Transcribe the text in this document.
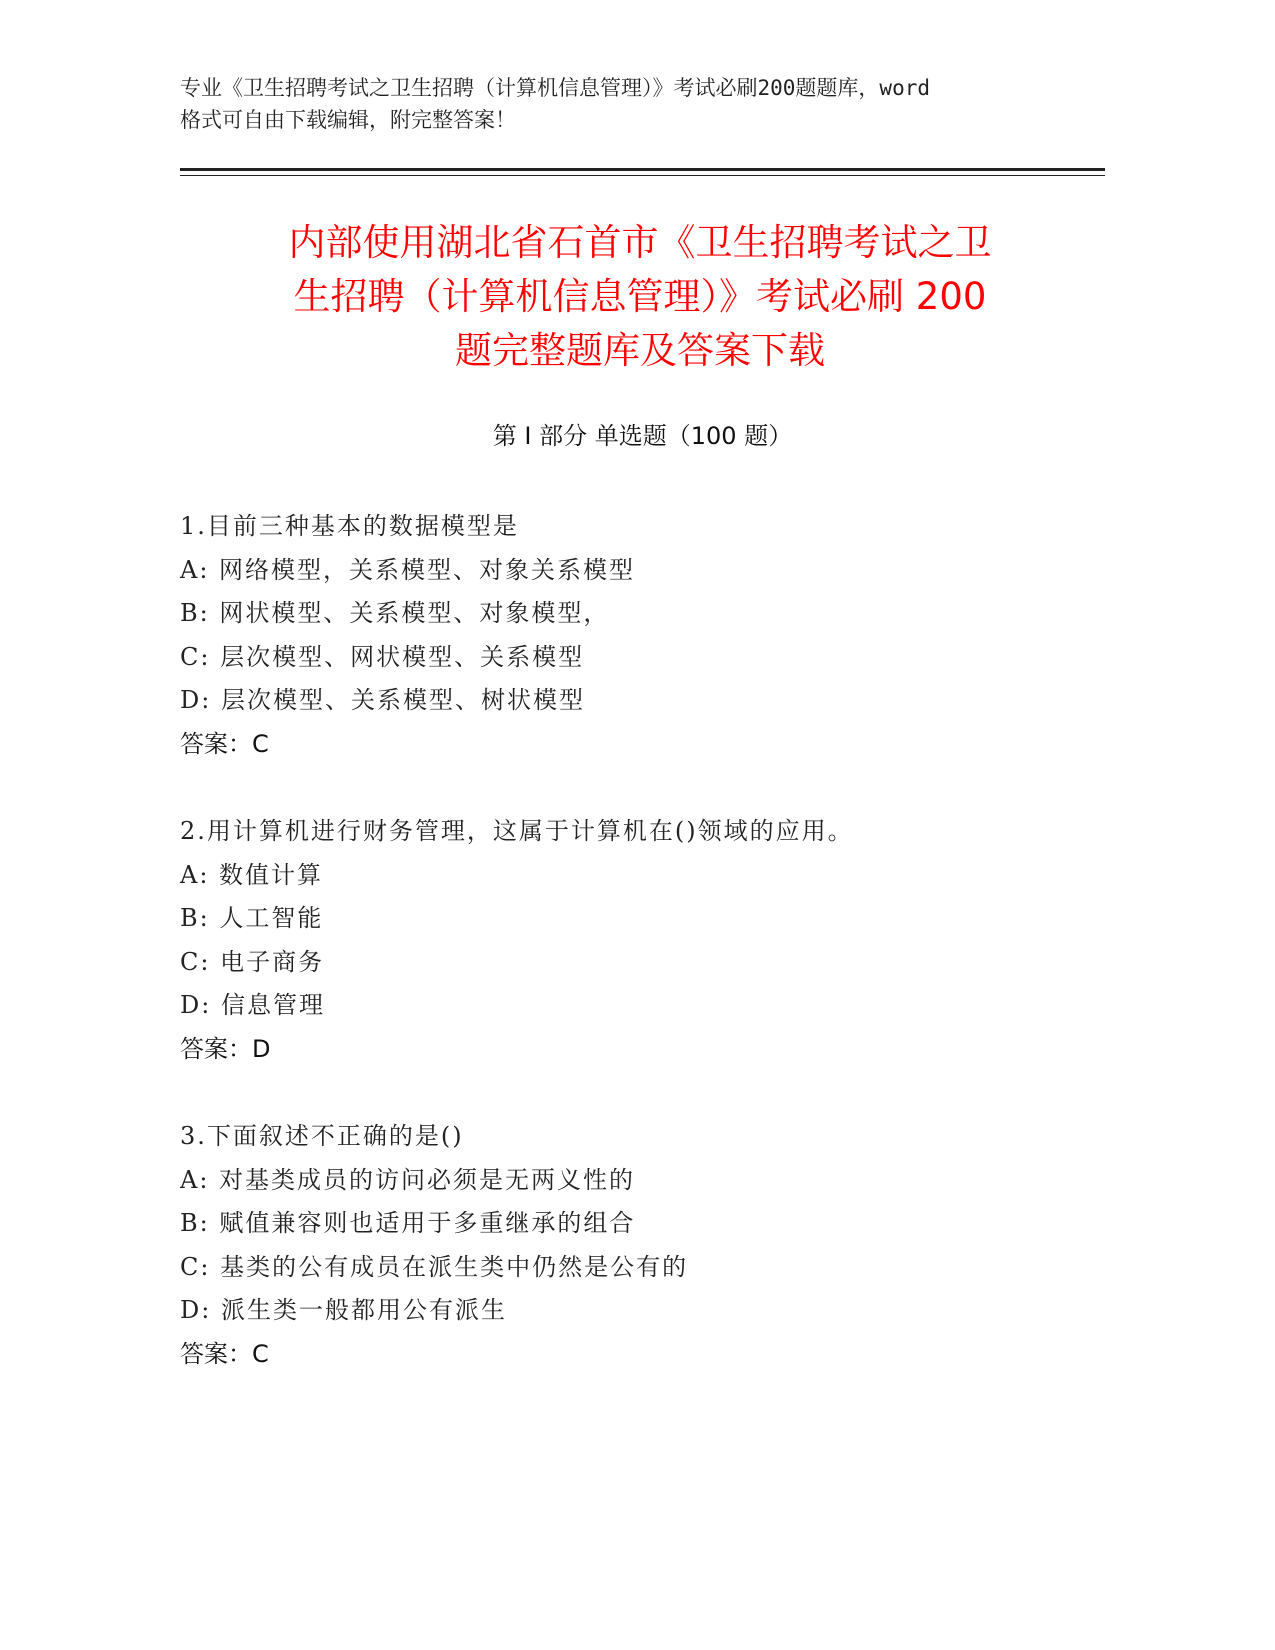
专业《卫生招聘考试之卫生招聘（计算机信息管理）》考试必刷200题题库，word
格式可自由下载编辑，附完整答案！
内部使用湖北省石首市《卫生招聘考试之卫
生招聘（计算机信息管理）》考试必刷 200
题完整题库及答案下载
第 I 部分 单选题（100 题）
1.目前三种基本的数据模型是
A: 网络模型，关系模型、对象关系模型
B: 网状模型、关系模型、对象模型，
C: 层次模型、网状模型、关系模型
D: 层次模型、关系模型、树状模型
答案：C
2.用计算机进行财务管理，这属于计算机在()领域的应用。
A: 数值计算
B: 人工智能
C: 电子商务
D: 信息管理
答案：D
3.下面叙述不正确的是()
A: 对基类成员的访问必须是无两义性的
B: 赋值兼容则也适用于多重继承的组合
C: 基类的公有成员在派生类中仍然是公有的
D: 派生类一般都用公有派生
答案：C
